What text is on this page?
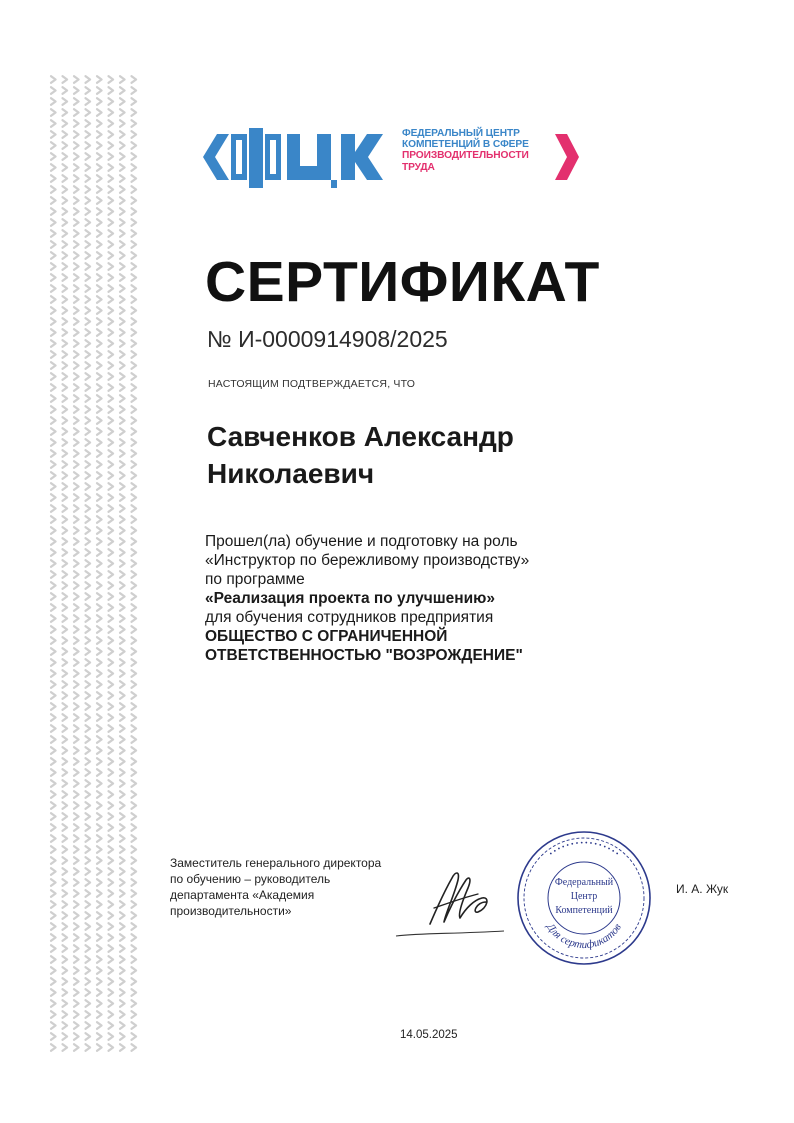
ФЕДЕРАЛЬНЫЙ ЦЕНТР
КОМПЕТЕНЦИЙ В СФЕРЕ
ПРОИЗВОДИТЕЛЬНОСТИ
ТРУДА
СЕРТИФИКАТ
№ И-0000914908/2025
НАСТОЯЩИМ ПОДТВЕРЖДАЕТСЯ, ЧТО
Савченков Александр
Николаевич
Прошел(ла) обучение и подготовку на роль
«Инструктор по бережливому производству»
по программе
«Реализация проекта по улучшению»
для обучения сотрудников предприятия
ОБЩЕСТВО С ОГРАНИЧЕННОЙ
ОТВЕТСТВЕННОСТЬЮ "ВОЗРОЖДЕНИЕ"
Заместитель генерального директора
по обучению – руководитель
департамента «Академия
производительности»
• • • • • • • • • • • • • • • •
Для сертификатов
Федеральный
Центр
Компетенций
И. А. Жук
14.05.2025
